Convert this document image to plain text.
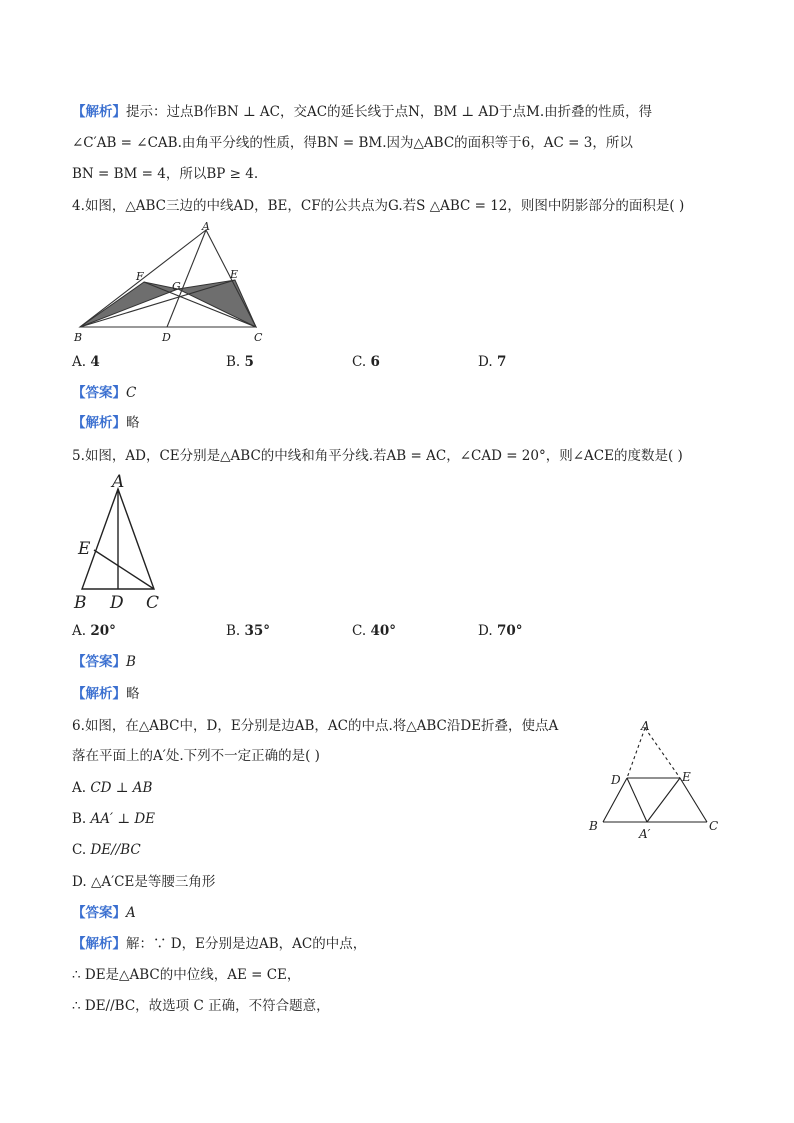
【解析】提示：过点B作BN ⊥ AC，交AC的延长线于点N，BM ⊥ AD于点M.由折叠的性质，得
∠C′AB = ∠CAB.由角平分线的性质，得BN = BM.因为△ABC的面积等于6，AC = 3，所以
BN = BM = 4，所以BP ≥ 4.
4.如图，△ABC三边的中线AD，BE，CF的公共点为G.若S △ABC = 12，则图中阴影部分的面积是( )
A
B	C
D
E
F
G
A. 4	B. 5	C. 6	D. 7
【答案】C
【解析】略
5.如图，AD，CE分别是△ABC的中线和角平分线.若AB = AC，∠CAD = 20°，则∠ACE的度数是( )
A
E
B D C
A. 20°	B. 35°	C. 40°	D. 70°
【答案】B
【解析】略
6.如图，在△ABC中，D，E分别是边AB，AC的中点.将△ABC沿DE折叠，使点A
落在平面上的A′处.下列不一定正确的是( )
A
D	E
B	C
A′
A. CD ⊥ AB
B. AA′ ⊥ DE
C. DE//BC
D. △A′CE是等腰三角形
【答案】A
【解析】解：∵ D，E分别是边AB，AC的中点，
∴ DE是△ABC的中位线，AE = CE，
∴ DE//BC，故选项 C 正确，不符合题意，
